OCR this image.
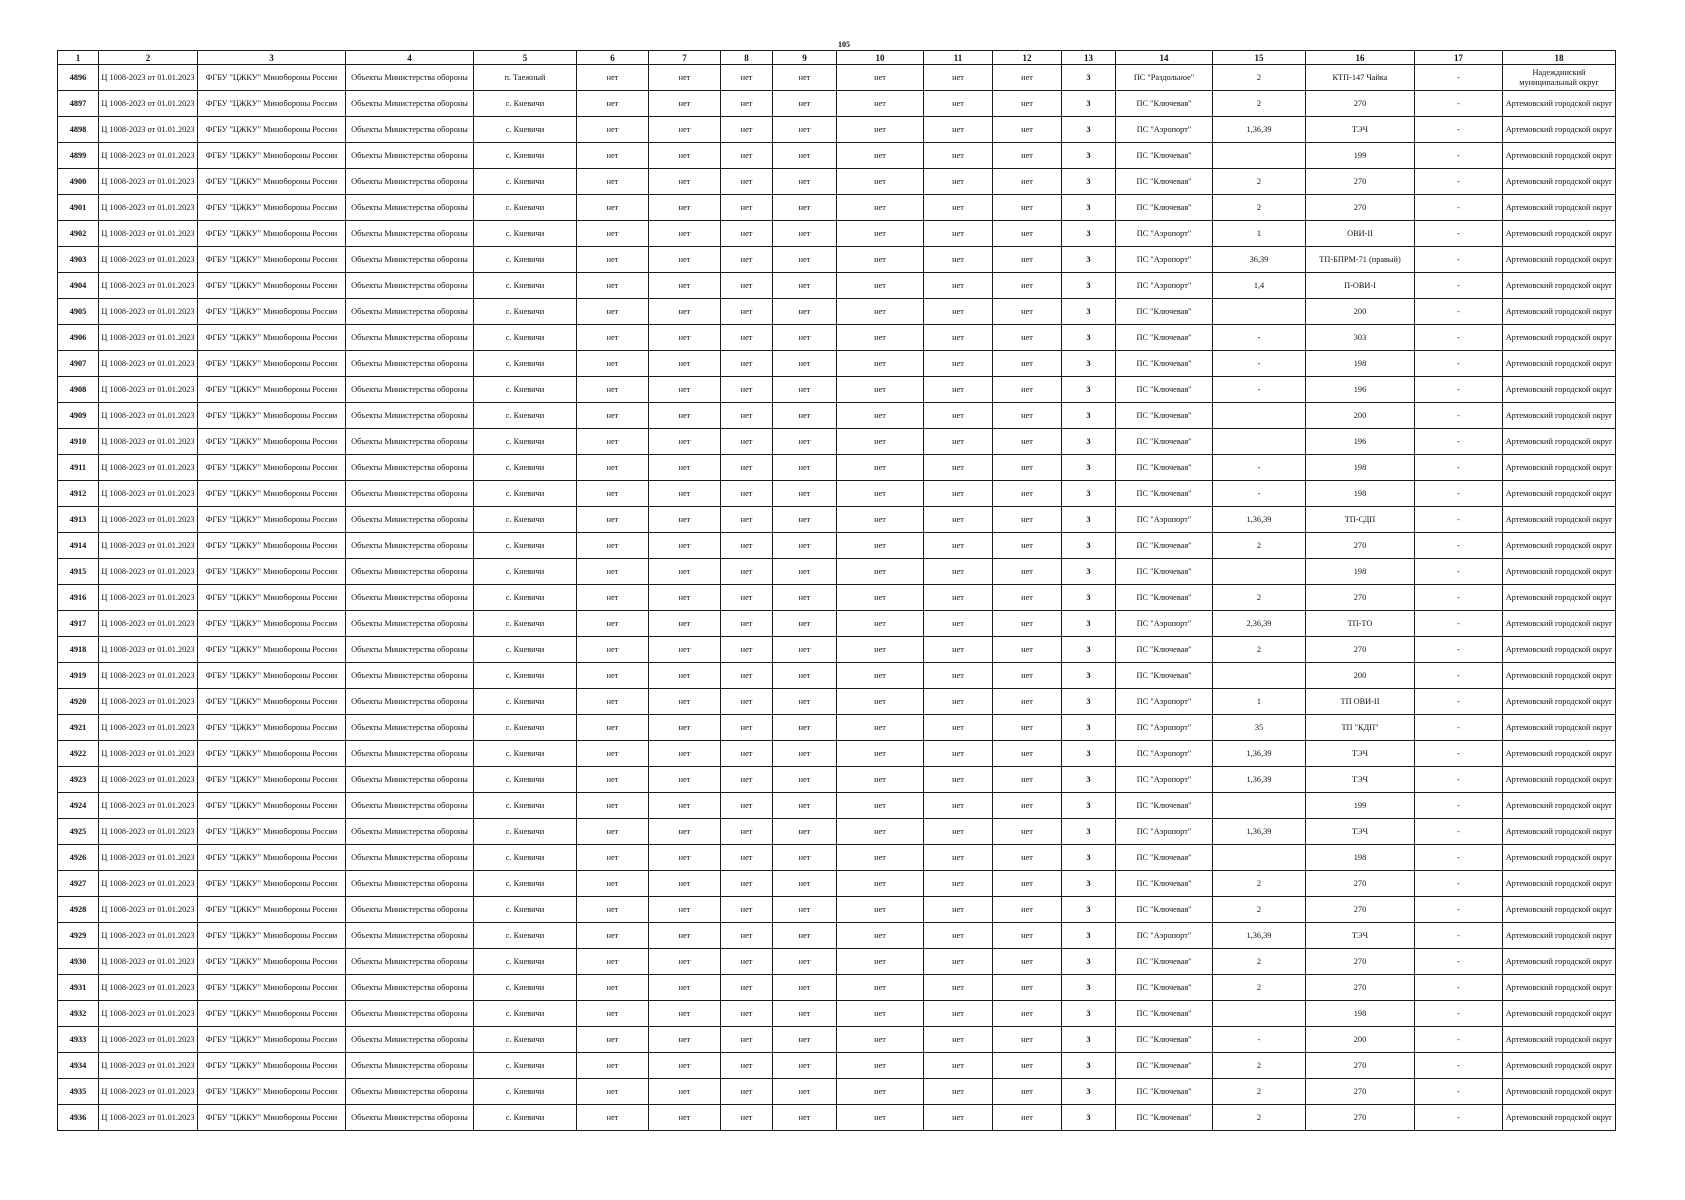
105
1	2	3	4	5	6	7	8	9	10	11	12	13	14	15	16	17	18
4896	Ц 1008-2023 от 01.01.2023	ФГБУ "ЦЖКУ" Минобороны России	Объекты Министерства обороны	п. Таежный	нет	нет	нет	нет	нет	нет	нет	3	ПС "Раздольное"	2	КТП-147 Чайка	-	Надеждинский муниципальный округ
4897	Ц 1008-2023 от 01.01.2023	ФГБУ "ЦЖКУ" Минобороны России	Объекты Министерства обороны	с. Кневичи	нет	нет	нет	нет	нет	нет	нет	3	ПС "Ключевая"	2	270	-	Артемовский городской округ
4898	Ц 1008-2023 от 01.01.2023	ФГБУ "ЦЖКУ" Минобороны России	Объекты Министерства обороны	с. Кневичи	нет	нет	нет	нет	нет	нет	нет	3	ПС "Аэропорт"	1,36,39	ТЭЧ	-	Артемовский городской округ
4899	Ц 1008-2023 от 01.01.2023	ФГБУ "ЦЖКУ" Минобороны России	Объекты Министерства обороны	с. Кневичи	нет	нет	нет	нет	нет	нет	нет	3	ПС "Ключевая"		199	-	Артемовский городской округ
4900	Ц 1008-2023 от 01.01.2023	ФГБУ "ЦЖКУ" Минобороны России	Объекты Министерства обороны	с. Кневичи	нет	нет	нет	нет	нет	нет	нет	3	ПС "Ключевая"	2	270	-	Артемовский городской округ
4901	Ц 1008-2023 от 01.01.2023	ФГБУ "ЦЖКУ" Минобороны России	Объекты Министерства обороны	с. Кневичи	нет	нет	нет	нет	нет	нет	нет	3	ПС "Ключевая"	2	270	-	Артемовский городской округ
4902	Ц 1008-2023 от 01.01.2023	ФГБУ "ЦЖКУ" Минобороны России	Объекты Министерства обороны	с. Кневичи	нет	нет	нет	нет	нет	нет	нет	3	ПС "Аэропорт"	1	ОВИ-II	-	Артемовский городской округ
4903	Ц 1008-2023 от 01.01.2023	ФГБУ "ЦЖКУ" Минобороны России	Объекты Министерства обороны	с. Кневичи	нет	нет	нет	нет	нет	нет	нет	3	ПС "Аэропорт"	36,39	ТП-БПРМ-71 (правый)	-	Артемовский городской округ
4904	Ц 1008-2023 от 01.01.2023	ФГБУ "ЦЖКУ" Минобороны России	Объекты Министерства обороны	с. Кневичи	нет	нет	нет	нет	нет	нет	нет	3	ПС "Аэропорт"	1,4	П-ОВИ-I	-	Артемовский городской округ
4905	Ц 1008-2023 от 01.01.2023	ФГБУ "ЦЖКУ" Минобороны России	Объекты Министерства обороны	с. Кневичи	нет	нет	нет	нет	нет	нет	нет	3	ПС "Ключевая"		200	-	Артемовский городской округ
4906	Ц 1008-2023 от 01.01.2023	ФГБУ "ЦЖКУ" Минобороны России	Объекты Министерства обороны	с. Кневичи	нет	нет	нет	нет	нет	нет	нет	3	ПС "Ключевая"	-	303	-	Артемовский городской округ
4907	Ц 1008-2023 от 01.01.2023	ФГБУ "ЦЖКУ" Минобороны России	Объекты Министерства обороны	с. Кневичи	нет	нет	нет	нет	нет	нет	нет	3	ПС "Ключевая"	-	198	-	Артемовский городской округ
4908	Ц 1008-2023 от 01.01.2023	ФГБУ "ЦЖКУ" Минобороны России	Объекты Министерства обороны	с. Кневичи	нет	нет	нет	нет	нет	нет	нет	3	ПС "Ключевая"	-	196	-	Артемовский городской округ
4909	Ц 1008-2023 от 01.01.2023	ФГБУ "ЦЖКУ" Минобороны России	Объекты Министерства обороны	с. Кневичи	нет	нет	нет	нет	нет	нет	нет	3	ПС "Ключевая"		200	-	Артемовский городской округ
4910	Ц 1008-2023 от 01.01.2023	ФГБУ "ЦЖКУ" Минобороны России	Объекты Министерства обороны	с. Кневичи	нет	нет	нет	нет	нет	нет	нет	3	ПС "Ключевая"		196	-	Артемовский городской округ
4911	Ц 1008-2023 от 01.01.2023	ФГБУ "ЦЖКУ" Минобороны России	Объекты Министерства обороны	с. Кневичи	нет	нет	нет	нет	нет	нет	нет	3	ПС "Ключевая"	-	198	-	Артемовский городской округ
4912	Ц 1008-2023 от 01.01.2023	ФГБУ "ЦЖКУ" Минобороны России	Объекты Министерства обороны	с. Кневичи	нет	нет	нет	нет	нет	нет	нет	3	ПС "Ключевая"	-	198	-	Артемовский городской округ
4913	Ц 1008-2023 от 01.01.2023	ФГБУ "ЦЖКУ" Минобороны России	Объекты Министерства обороны	с. Кневичи	нет	нет	нет	нет	нет	нет	нет	3	ПС "Аэропорт"	1,36,39	ТП-СДП	-	Артемовский городской округ
4914	Ц 1008-2023 от 01.01.2023	ФГБУ "ЦЖКУ" Минобороны России	Объекты Министерства обороны	с. Кневичи	нет	нет	нет	нет	нет	нет	нет	3	ПС "Ключевая"	2	270	-	Артемовский городской округ
4915	Ц 1008-2023 от 01.01.2023	ФГБУ "ЦЖКУ" Минобороны России	Объекты Министерства обороны	с. Кневичи	нет	нет	нет	нет	нет	нет	нет	3	ПС "Ключевая"		198	-	Артемовский городской округ
4916	Ц 1008-2023 от 01.01.2023	ФГБУ "ЦЖКУ" Минобороны России	Объекты Министерства обороны	с. Кневичи	нет	нет	нет	нет	нет	нет	нет	3	ПС "Ключевая"	2	270	-	Артемовский городской округ
4917	Ц 1008-2023 от 01.01.2023	ФГБУ "ЦЖКУ" Минобороны России	Объекты Министерства обороны	с. Кневичи	нет	нет	нет	нет	нет	нет	нет	3	ПС "Аэропорт"	2,36,39	ТП-ТО	-	Артемовский городской округ
4918	Ц 1008-2023 от 01.01.2023	ФГБУ "ЦЖКУ" Минобороны России	Объекты Министерства обороны	с. Кневичи	нет	нет	нет	нет	нет	нет	нет	3	ПС "Ключевая"	2	270	-	Артемовский городской округ
4919	Ц 1008-2023 от 01.01.2023	ФГБУ "ЦЖКУ" Минобороны России	Объекты Министерства обороны	с. Кневичи	нет	нет	нет	нет	нет	нет	нет	3	ПС "Ключевая"		200	-	Артемовский городской округ
4920	Ц 1008-2023 от 01.01.2023	ФГБУ "ЦЖКУ" Минобороны России	Объекты Министерства обороны	с. Кневичи	нет	нет	нет	нет	нет	нет	нет	3	ПС "Аэропорт"	1	ТП ОВИ-II	-	Артемовский городской округ
4921	Ц 1008-2023 от 01.01.2023	ФГБУ "ЦЖКУ" Минобороны России	Объекты Министерства обороны	с. Кневичи	нет	нет	нет	нет	нет	нет	нет	3	ПС "Аэропорт"	35	ТП "КДП"	-	Артемовский городской округ
4922	Ц 1008-2023 от 01.01.2023	ФГБУ "ЦЖКУ" Минобороны России	Объекты Министерства обороны	с. Кневичи	нет	нет	нет	нет	нет	нет	нет	3	ПС "Аэропорт"	1,36,39	ТЭЧ	-	Артемовский городской округ
4923	Ц 1008-2023 от 01.01.2023	ФГБУ "ЦЖКУ" Минобороны России	Объекты Министерства обороны	с. Кневичи	нет	нет	нет	нет	нет	нет	нет	3	ПС "Аэропорт"	1,36,39	ТЭЧ	-	Артемовский городской округ
4924	Ц 1008-2023 от 01.01.2023	ФГБУ "ЦЖКУ" Минобороны России	Объекты Министерства обороны	с. Кневичи	нет	нет	нет	нет	нет	нет	нет	3	ПС "Ключевая"		199	-	Артемовский городской округ
4925	Ц 1008-2023 от 01.01.2023	ФГБУ "ЦЖКУ" Минобороны России	Объекты Министерства обороны	с. Кневичи	нет	нет	нет	нет	нет	нет	нет	3	ПС "Аэропорт"	1,36,39	ТЭЧ	-	Артемовский городской округ
4926	Ц 1008-2023 от 01.01.2023	ФГБУ "ЦЖКУ" Минобороны России	Объекты Министерства обороны	с. Кневичи	нет	нет	нет	нет	нет	нет	нет	3	ПС "Ключевая"		198	-	Артемовский городской округ
4927	Ц 1008-2023 от 01.01.2023	ФГБУ "ЦЖКУ" Минобороны России	Объекты Министерства обороны	с. Кневичи	нет	нет	нет	нет	нет	нет	нет	3	ПС "Ключевая"	2	270	-	Артемовский городской округ
4928	Ц 1008-2023 от 01.01.2023	ФГБУ "ЦЖКУ" Минобороны России	Объекты Министерства обороны	с. Кневичи	нет	нет	нет	нет	нет	нет	нет	3	ПС "Ключевая"	2	270	-	Артемовский городской округ
4929	Ц 1008-2023 от 01.01.2023	ФГБУ "ЦЖКУ" Минобороны России	Объекты Министерства обороны	с. Кневичи	нет	нет	нет	нет	нет	нет	нет	3	ПС "Аэропорт"	1,36,39	ТЭЧ	-	Артемовский городской округ
4930	Ц 1008-2023 от 01.01.2023	ФГБУ "ЦЖКУ" Минобороны России	Объекты Министерства обороны	с. Кневичи	нет	нет	нет	нет	нет	нет	нет	3	ПС "Ключевая"	2	270	-	Артемовский городской округ
4931	Ц 1008-2023 от 01.01.2023	ФГБУ "ЦЖКУ" Минобороны России	Объекты Министерства обороны	с. Кневичи	нет	нет	нет	нет	нет	нет	нет	3	ПС "Ключевая"	2	270	-	Артемовский городской округ
4932	Ц 1008-2023 от 01.01.2023	ФГБУ "ЦЖКУ" Минобороны России	Объекты Министерства обороны	с. Кневичи	нет	нет	нет	нет	нет	нет	нет	3	ПС "Ключевая"		198	-	Артемовский городской округ
4933	Ц 1008-2023 от 01.01.2023	ФГБУ "ЦЖКУ" Минобороны России	Объекты Министерства обороны	с. Кневичи	нет	нет	нет	нет	нет	нет	нет	3	ПС "Ключевая"	-	200	-	Артемовский городской округ
4934	Ц 1008-2023 от 01.01.2023	ФГБУ "ЦЖКУ" Минобороны России	Объекты Министерства обороны	с. Кневичи	нет	нет	нет	нет	нет	нет	нет	3	ПС "Ключевая"	2	270	-	Артемовский городской округ
4935	Ц 1008-2023 от 01.01.2023	ФГБУ "ЦЖКУ" Минобороны России	Объекты Министерства обороны	с. Кневичи	нет	нет	нет	нет	нет	нет	нет	3	ПС "Ключевая"	2	270	-	Артемовский городской округ
4936	Ц 1008-2023 от 01.01.2023	ФГБУ "ЦЖКУ" Минобороны России	Объекты Министерства обороны	с. Кневичи	нет	нет	нет	нет	нет	нет	нет	3	ПС "Ключевая"	2	270	-	Артемовский городской округ
